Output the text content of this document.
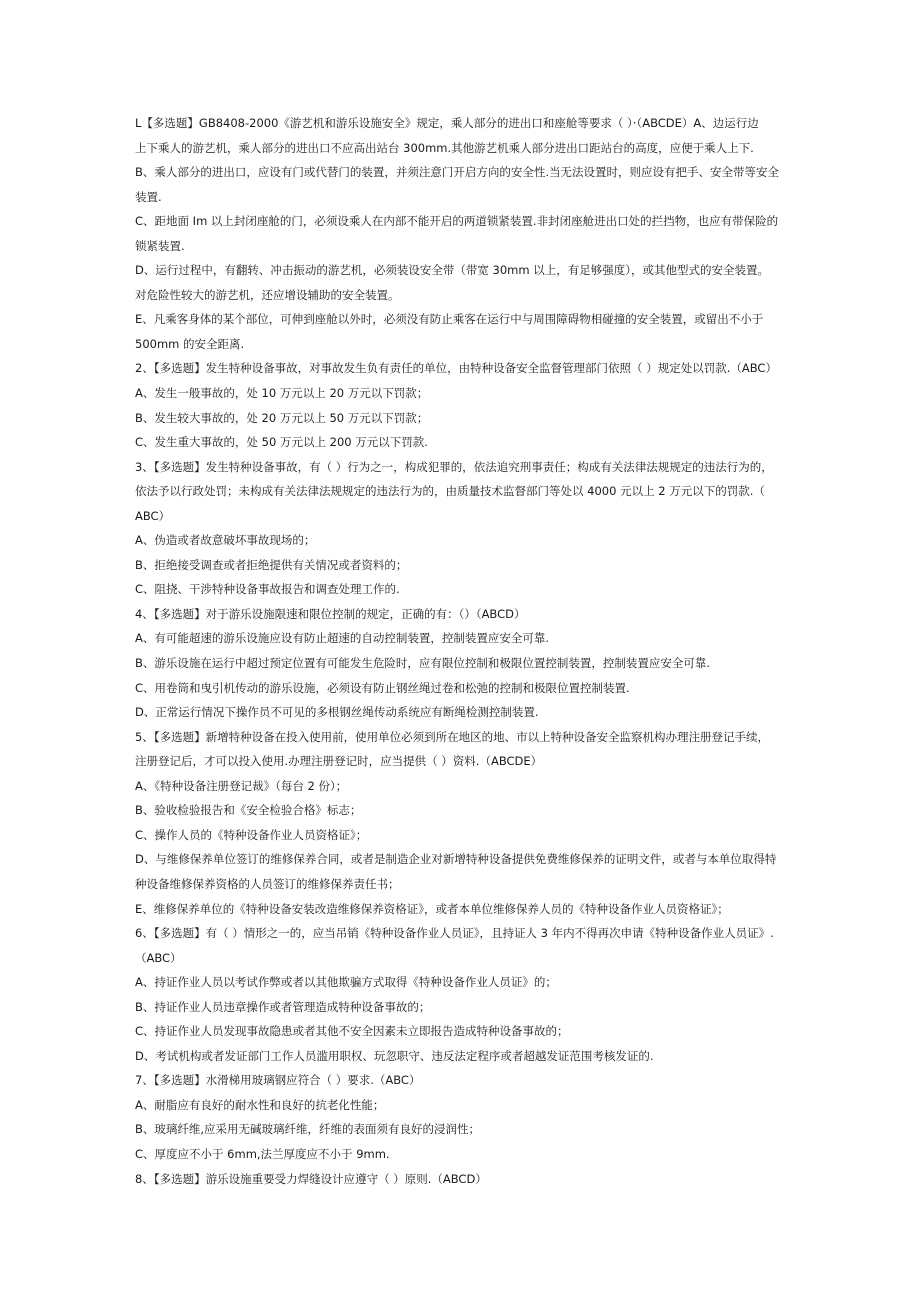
L【多选题】GB8408-2000《游艺机和游乐设施安全》规定，乘人部分的进出口和座舱等要求（ ）·（ABCDE）A、边运行边
上下乘人的游艺机，乘人部分的进出口不应高出站台 300mm.其他游艺机乘人部分进出口距站台的高度，应便于乘人上下.
B、乘人部分的进出口，应设有门或代替门的装置，并须注意门开启方向的安全性.当无法设置时，则应设有把手、安全带等安全
装置.
C、距地面 Im 以上封闭座舱的门，必须设乘人在内部不能开启的两道锁紧装置.非封闭座舱进出口处的拦挡物，也应有带保险的
锁紧装置.
D、运行过程中，有翻转、冲击振动的游艺机，必须装设安全带（带宽 30mm 以上，有足够强度），或其他型式的安全装置。
对危险性较大的游艺机，还应增设辅助的安全装置。
E、凡乘客身体的某个部位，可伸到座舱以外时，必须没有防止乘客在运行中与周围障碍物相碰撞的安全装置，或留出不小于
500mm 的安全距离.
2、【多选题】发生特种设备事故，对事故发生负有责任的单位，由特种设备安全监督管理部门依照（ ）规定处以罚款.（ABC）
A、发生一般事故的，处 10 万元以上 20 万元以下罚款；
B、发生较大事故的，处 20 万元以上 50 万元以下罚款；
C、发生重大事故的，处 50 万元以上 200 万元以下罚款.
3、【多选题】发生特种设备事故，有（ ）行为之一，构成犯罪的，依法追究刑事责任；构成有关法律法规规定的违法行为的，
依法予以行政处罚；未构成有关法律法规规定的违法行为的，由质量技术监督部门等处以 4000 元以上 2 万元以下的罚款.（
ABC）
A、伪造或者故意破坏事故现场的；
B、拒绝接受调查或者拒绝提供有关情况或者资料的；
C、阻挠、干涉特种设备事故报告和调查处理工作的.
4、【多选题】对于游乐设施限速和限位控制的规定，正确的有：（）（ABCD）
A、有可能超速的游乐设施应设有防止超速的自动控制装置，控制装置应安全可靠.
B、游乐设施在运行中超过预定位置有可能发生危险时，应有限位控制和极限位置控制装置，控制装置应安全可靠.
C、用卷筒和曳引机传动的游乐设施，必须设有防止钢丝绳过卷和松弛的控制和极限位置控制装置.
D、正常运行情况下操作员不可见的多根钢丝绳传动系统应有断绳检测控制装置.
5、【多选题】新增特种设备在投入使用前，使用单位必须到所在地区的地、市以上特种设备安全监察机构办理注册登记手续，
注册登记后，才可以投入使用.办理注册登记时，应当提供（ ）资料.（ABCDE）
A、《特种设备注册登记裁》（每台 2 份）；
B、验收检验报告和《安全检验合格》标志；
C、操作人员的《特种设备作业人员资格证》；
D、与维修保养单位签订的维修保养合同，或者是制造企业对新增特种设备提供免费维修保养的证明文件，或者与本单位取得特
种设备维修保养资格的人员签订的维修保养责任书；
E、维修保养单位的《特种设备安装改造维修保养资格证》，或者本单位维修保养人员的《特种设备作业人员资格证》；
6、【多选题】有（ ）情形之一的，应当吊销《特种设备作业人员证》，且持证人 3 年内不得再次申请《特种设备作业人员证》.
（ABC）
A、持证作业人员以考试作弊或者以其他欺骗方式取得《特种设备作业人员证》的；
B、持证作业人员违章操作或者管理造成特种设备事故的；
C、持证作业人员发现事故隐患或者其他不安全因素未立即报告造成特种设备事故的；
D、考试机构或者发证部门工作人员滥用职权、玩忽职守、违反法定程序或者超越发证范围考核发证的.
7、【多选题】水滑梯用玻璃钢应符合（ ）要求.（ABC）
A、耐脂应有良好的耐水性和良好的抗老化性能；
B、玻璃纤维,应采用无碱玻璃纤维，纤维的表面须有良好的浸润性；
C、厚度应不小于 6mm,法兰厚度应不小于 9mm.
8、【多选题】游乐设施重要受力焊缝设计应遵守（ ）原则.（ABCD）
